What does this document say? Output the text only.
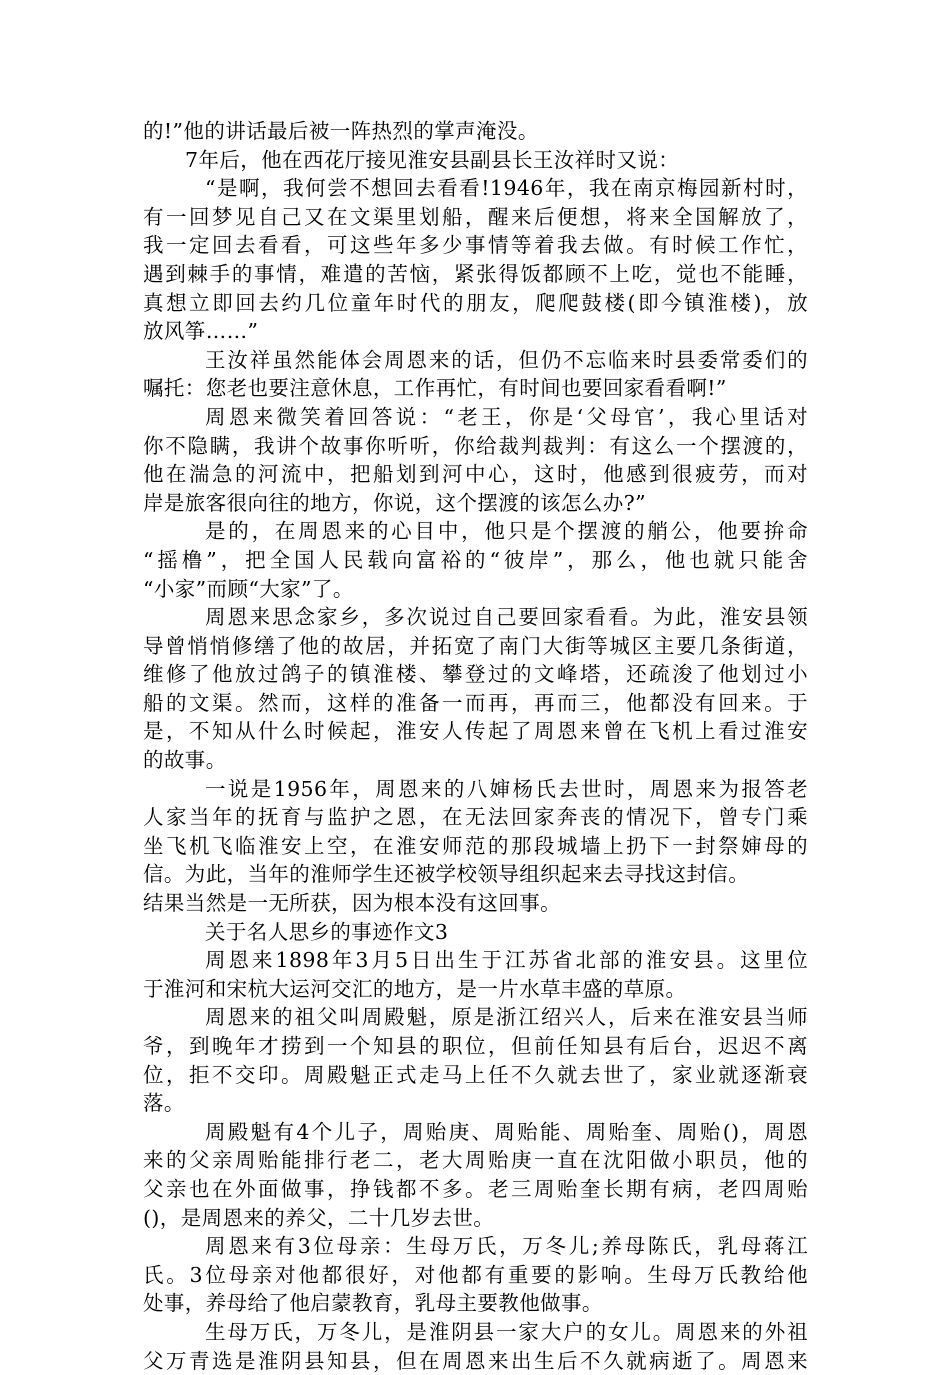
的!”他的讲话最后被一阵热烈的掌声淹没。
7年后，他在西花厅接见淮安县副县长王汝祥时又说：
“是啊，我何尝不想回去看看!1946年，我在南京梅园新村时，
有一回梦见自己又在文渠里划船，醒来后便想，将来全国解放了，
我一定回去看看，可这些年多少事情等着我去做。有时候工作忙，
遇到棘手的事情，难遣的苦恼，紧张得饭都顾不上吃，觉也不能睡，
真想立即回去约几位童年时代的朋友，爬爬鼓楼(即今镇淮楼)，放
放风筝……”
王汝祥虽然能体会周恩来的话，但仍不忘临来时县委常委们的
嘱托：您老也要注意休息，工作再忙，有时间也要回家看看啊!”
周恩来微笑着回答说：“老王，你是‘父母官’，我心里话对
你不隐瞒，我讲个故事你听听，你给裁判裁判：有这么一个摆渡的，
他在湍急的河流中，把船划到河中心，这时，他感到很疲劳，而对
岸是旅客很向往的地方，你说，这个摆渡的该怎么办?”
是的，在周恩来的心目中，他只是个摆渡的艄公，他要拚命
“摇橹”，把全国人民载向富裕的“彼岸”，那么，他也就只能舍
“小家”而顾“大家”了。
周恩来思念家乡，多次说过自己要回家看看。为此，淮安县领
导曾悄悄修缮了他的故居，并拓宽了南门大街等城区主要几条街道，
维修了他放过鸽子的镇淮楼、攀登过的文峰塔，还疏浚了他划过小
船的文渠。然而，这样的准备一而再，再而三，他都没有回来。于
是，不知从什么时候起，淮安人传起了周恩来曾在飞机上看过淮安
的故事。
一说是1956年，周恩来的八婶杨氏去世时，周恩来为报答老
人家当年的抚育与监护之恩，在无法回家奔丧的情况下，曾专门乘
坐飞机飞临淮安上空，在淮安师范的那段城墙上扔下一封祭婶母的
信。为此，当年的淮师学生还被学校领导组织起来去寻找这封信。
结果当然是一无所获，因为根本没有这回事。
关于名人思乡的事迹作文3
周恩来1898年3月5日出生于江苏省北部的淮安县。这里位
于淮河和宋杭大运河交汇的地方，是一片水草丰盛的草原。
周恩来的祖父叫周殿魁，原是浙江绍兴人，后来在淮安县当师
爷，到晚年才捞到一个知县的职位，但前任知县有后台，迟迟不离
位，拒不交印。周殿魁正式走马上任不久就去世了，家业就逐渐衰
落。
周殿魁有4个儿子，周贻庚、周贻能、周贻奎、周贻()，周恩
来的父亲周贻能排行老二，老大周贻庚一直在沈阳做小职员，他的
父亲也在外面做事，挣钱都不多。老三周贻奎长期有病，老四周贻
()，是周恩来的养父，二十几岁去世。
周恩来有3位母亲：生母万氏，万冬儿;养母陈氏，乳母蒋江
氏。3位母亲对他都很好，对他都有重要的影响。生母万氏教给他
处事，养母给了他启蒙教育，乳母主要教他做事。
生母万氏，万冬儿，是淮阴县一家大户的女儿。周恩来的外祖
父万青选是淮阴县知县，但在周恩来出生后不久就病逝了。周恩来
